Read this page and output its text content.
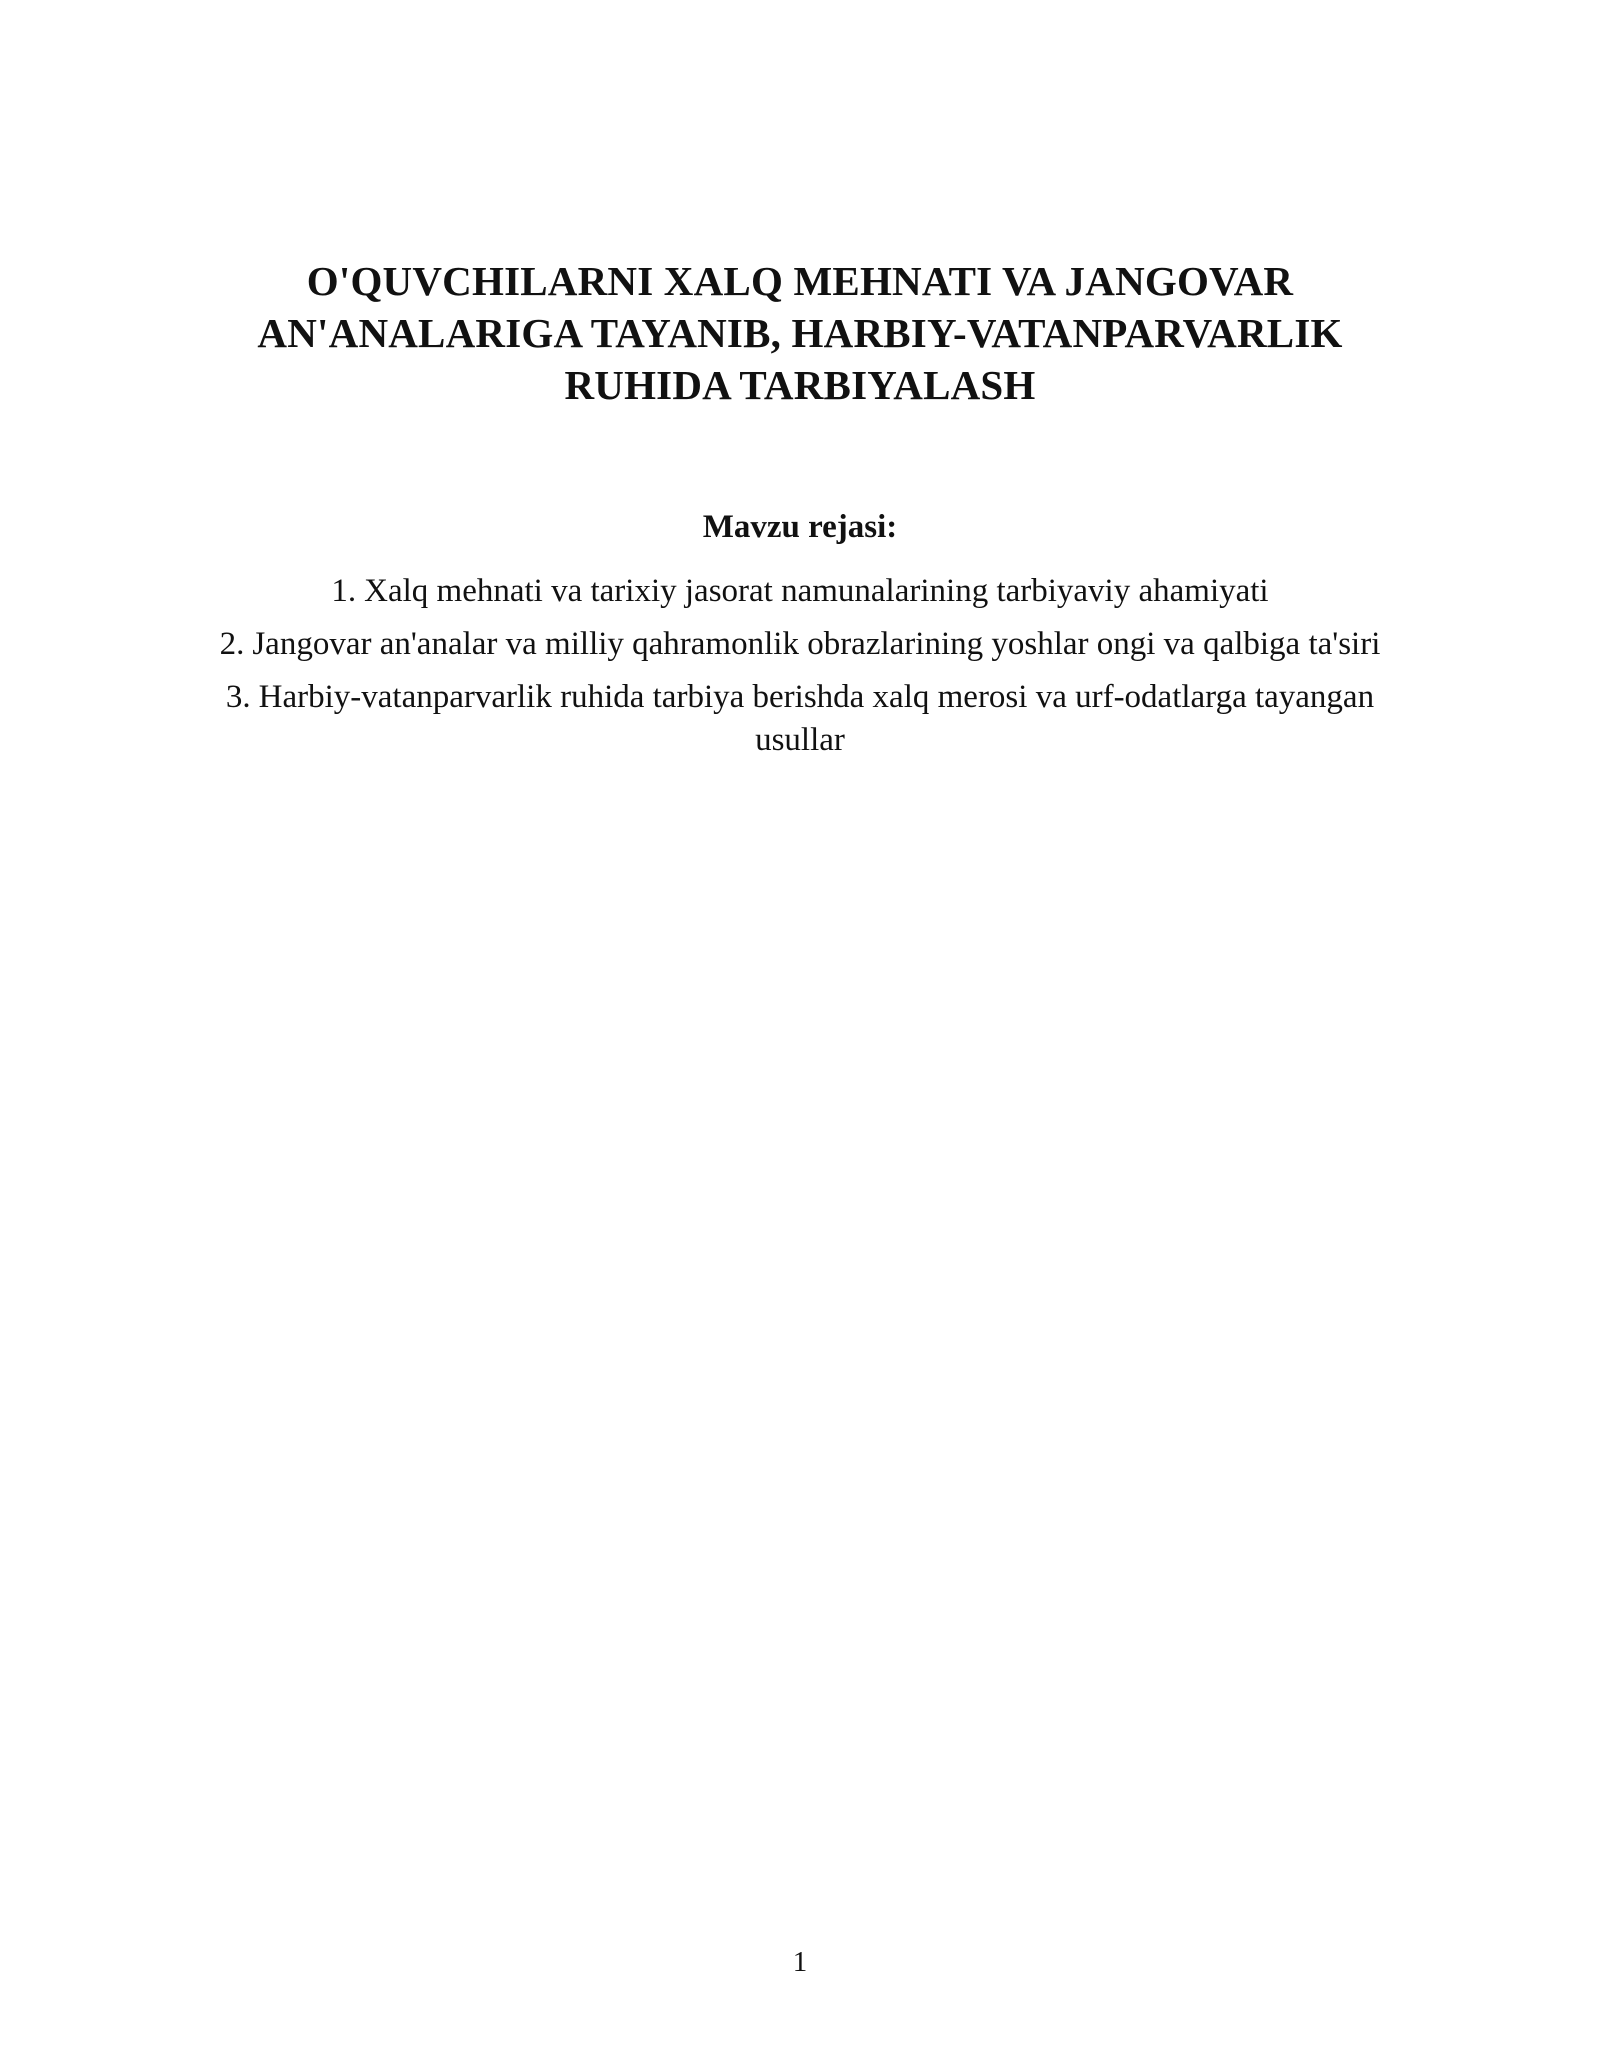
O'QUVCHILARNI XALQ MEHNATI VA JANGOVAR
AN'ANALARIGA TAYANIB, HARBIY-VATANPARVARLIK
RUHIDA TARBIYALASH
Mavzu rejasi:
1. Xalq mehnati va tarixiy jasorat namunalarining tarbiyaviy ahamiyati
2. Jangovar an'analar va milliy qahramonlik obrazlarining yoshlar ongi va qalbiga ta'siri
3. Harbiy-vatanparvarlik ruhida tarbiya berishda xalq merosi va urf-odatlarga tayangan usullar
1
